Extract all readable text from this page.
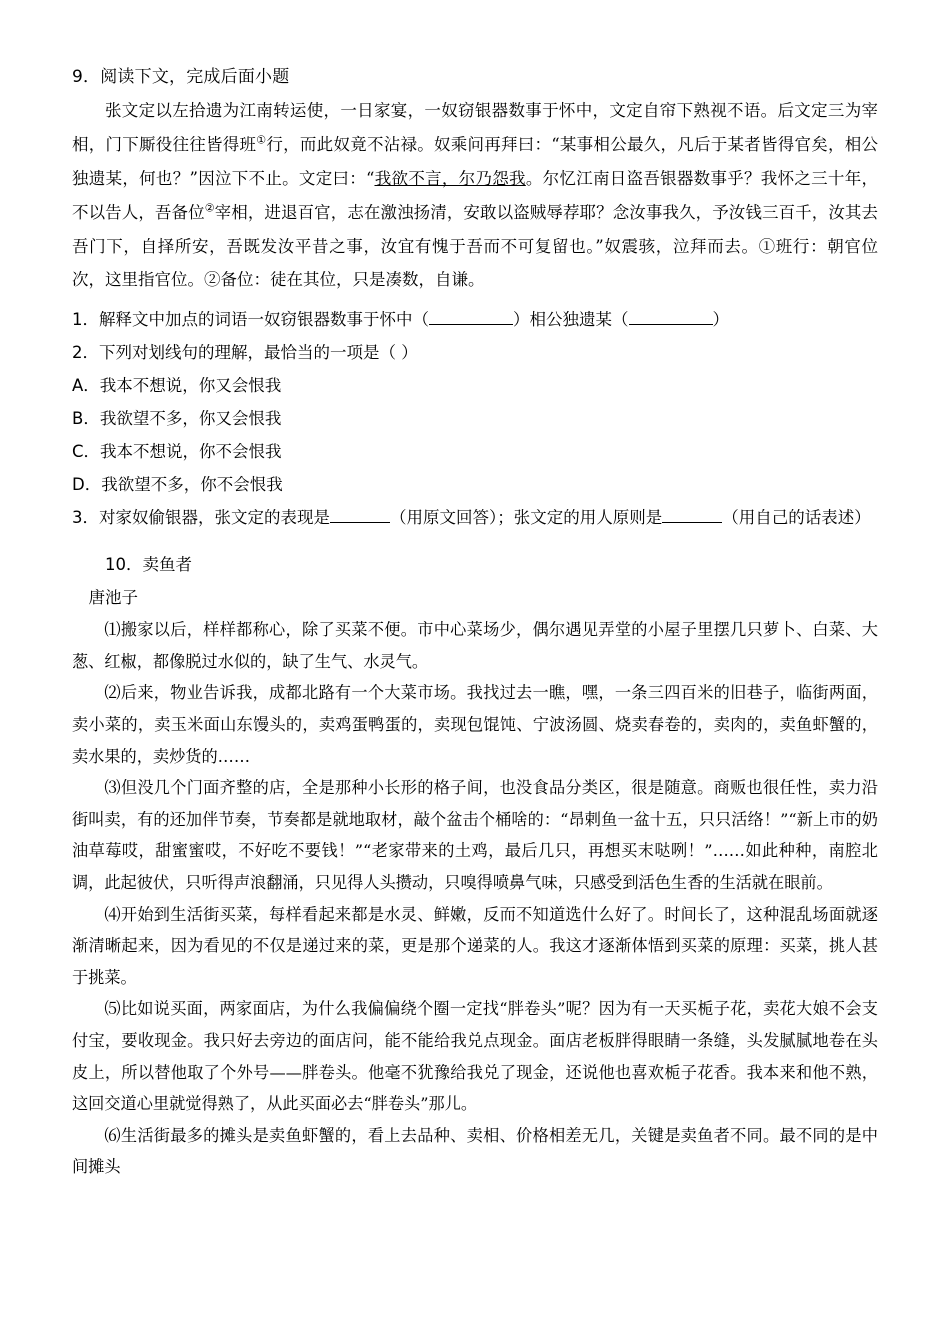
9．阅读下文，完成后面小题
张文定以左拾遗为江南转运使，一日家宴，一奴窃银器数事于怀中，文定自帘下熟视不语。后文定三为宰相，门下厮役往往皆得班①行，而此奴竟不沾禄。奴乘问再拜曰：“某事相公最久，凡后于某者皆得官矣，相公独遗某，何也？”因泣下不止。文定曰：“我欲不言，尔乃怨我。尔忆江南日盗吾银器数事乎？我怀之三十年，不以告人，吾备位②宰相，进退百官，志在激浊扬清，安敢以盗贼辱荐耶？念汝事我久，予汝钱三百千，汝其去吾门下，自择所安，吾既发汝平昔之事，汝宜有愧于吾而不可复留也。”奴震骇，泣拜而去。①班行：朝官位次，这里指官位。②备位：徒在其位，只是凑数，自谦。
1．解释文中加点的词语一奴窃银器数事于怀中（	）相公独遗某（	）
2．下列对划线句的理解，最恰当的一项是（ ）
A．我本不想说，你又会恨我
B．我欲望不多，你又会恨我
C．我本不想说，你不会恨我
D．我欲望不多，你不会恨我
3．对家奴偷银器，张文定的表现是	（用原文回答）；张文定的用人原则是	（用自己的话表述）
10．卖鱼者
唐池子
⑴搬家以后，样样都称心，除了买菜不便。市中心菜场少，偶尔遇见弄堂的小屋子里摆几只萝卜、白菜、大葱、红椒，都像脱过水似的，缺了生气、水灵气。
⑵后来，物业告诉我，成都北路有一个大菜市场。我找过去一瞧，嘿，一条三四百米的旧巷子，临街两面，卖小菜的，卖玉米面山东馒头的，卖鸡蛋鸭蛋的，卖现包馄饨、宁波汤圆、烧卖春卷的，卖肉的，卖鱼虾蟹的，卖水果的，卖炒货的……
⑶但没几个门面齐整的店，全是那种小长形的格子间，也没食品分类区，很是随意。商贩也很任性，卖力沿街叫卖，有的还加伴节奏，节奏都是就地取材，敲个盆击个桶啥的：“昂剌鱼一盆十五，只只活络！”“新上市的奶油草莓哎，甜蜜蜜哎，不好吃不要钱！”“老家带来的土鸡，最后几只，再想买末哒咧！”……如此种种，南腔北调，此起彼伏，只听得声浪翻涌，只见得人头攒动，只嗅得喷鼻气味，只感受到活色生香的生活就在眼前。
⑷开始到生活街买菜，每样看起来都是水灵、鲜嫩，反而不知道选什么好了。时间长了，这种混乱场面就逐渐清晰起来，因为看见的不仅是递过来的菜，更是那个递菜的人。我这才逐渐体悟到买菜的原理：买菜，挑人甚于挑菜。
⑸比如说买面，两家面店，为什么我偏偏绕个圈一定找“胖卷头”呢？因为有一天买栀子花，卖花大娘不会支付宝，要收现金。我只好去旁边的面店问，能不能给我兑点现金。面店老板胖得眼睛一条缝，头发腻腻地卷在头皮上，所以替他取了个外号——胖卷头。他毫不犹豫给我兑了现金，还说他也喜欢栀子花香。我本来和他不熟，这回交道心里就觉得熟了，从此买面必去“胖卷头”那儿。
⑹生活街最多的摊头是卖鱼虾蟹的，看上去品种、卖相、价格相差无几，关键是卖鱼者不同。最不同的是中间摊头
